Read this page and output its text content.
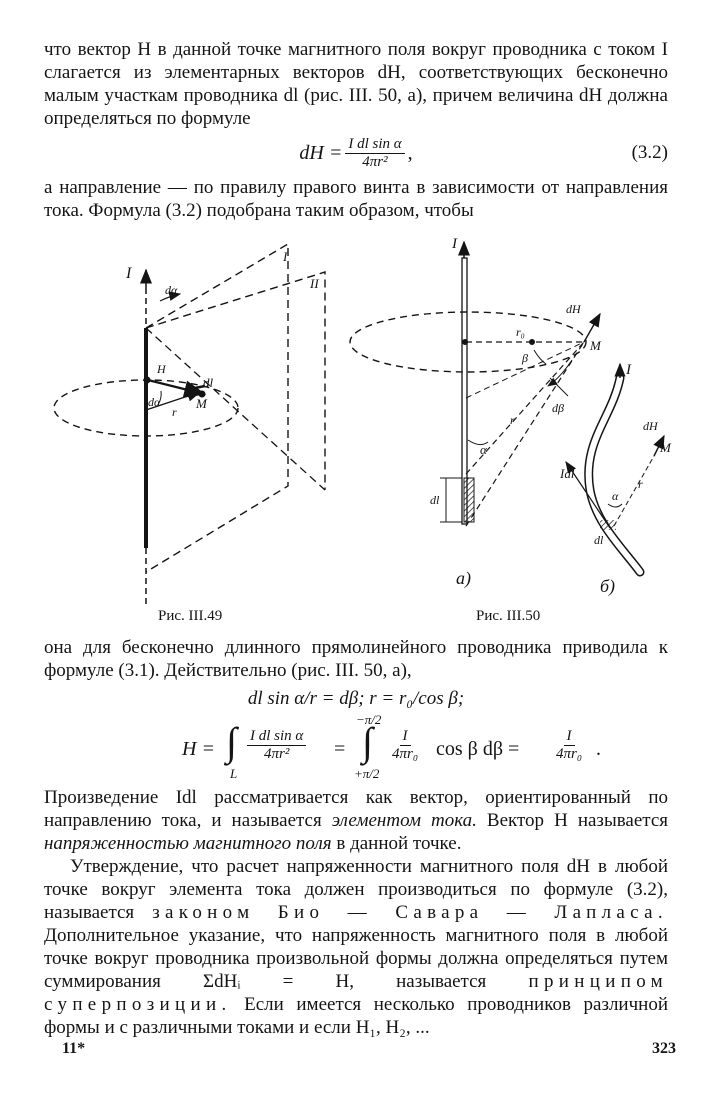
что вектор H в данной точке магнитного поля вокруг проводника с током I слагается из элементарных векторов dH, соответствующих бесконечно малым участкам проводника dl (рис. III. 50, а), причем величина dH должна определяться по формуле

dH = $\frac{\text{I dl sin α}}{\text{4πr²}}$ ,	(3.2)

а направление — по правилу правого винта в зависимости от направления тока. Формула (3.2) подобрана таким образом, чтобы

I
I
II
dα
H
dl
dα
r
M
I
dH
r₀
β
M
dβ
r
α
dl
а)
I
dH
M
Idl
α
r
dl
б)
Рис. III.49	Рис. III.50

она для бесконечно длинного прямолинейного проводника приводила к формуле (3.1). Действительно (рис. III. 50, а),

dl sin α/r = dβ; r = r₀/cos β;
H = ∫
L
$\frac{\text{I dl sin α}}{\text{4πr²}}$ =
−π/2
∫
+π/2
$\frac{I}{\text{4πr₀}}$ cos β $d\beta = \frac{I}{\text{4πr₀}}$ .

Произведение Idl рассматривается как вектор, ориентированный по направлению тока, и называется элементом тока. Вектор H называется напряженностью магнитного поля в данной точке.

Утверждение, что расчет напряженности магнитного поля dH в любой точке вокруг элемента тока должен производиться по формуле (3.2), называется законом Био — Савара — Лапласа. Дополнительное указание, что напряженность магнитного поля в любой точке вокруг проводника произвольной формы должна определяться путем суммирования ΣdHᵢ = H, называется принципом суперпозиции. Если имеется несколько проводников различной формы и с различными токами и если H₁, H₂, ...

11*	323
